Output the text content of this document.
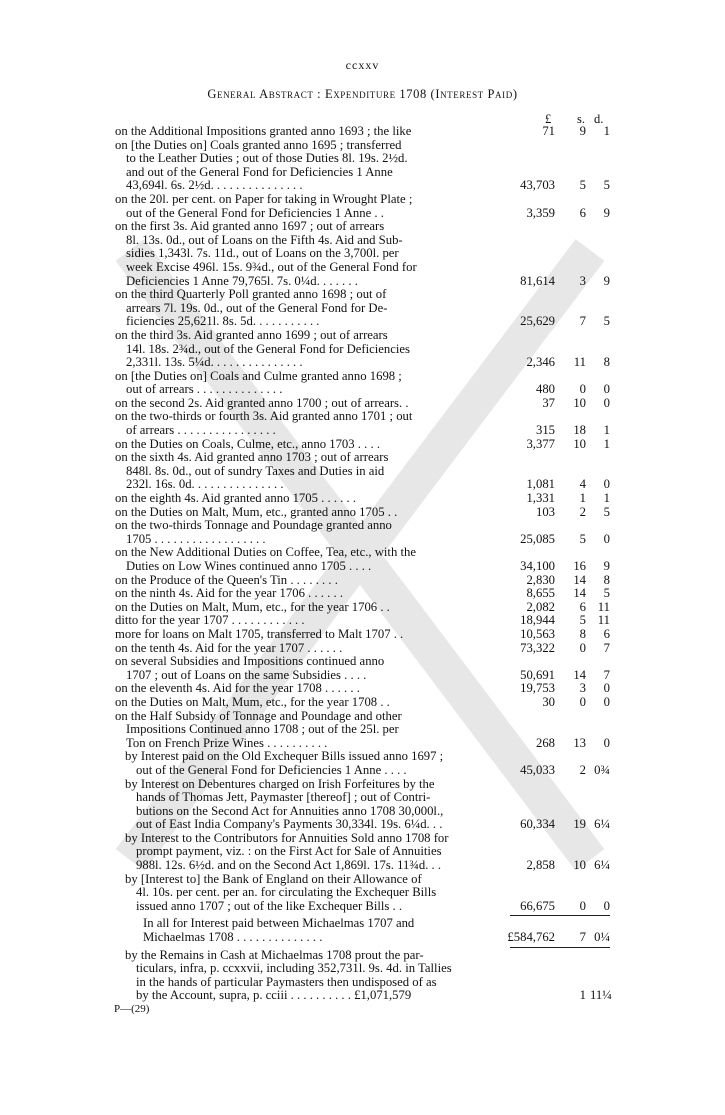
ccxxv
General Abstract : Expenditure 1708 (Interest Paid)
£ s. d.
on the Additional Impositions granted anno 1693 ; the like	71	9	1
on [the Duties on] Coals granted anno 1695 ; transferred
to the Leather Duties ; out of those Duties 8l. 19s. 2½d.
and out of the General Fond for Deficiencies 1 Anne
43,694l. 6s. 2½d. . . . . . . . . . . . . . .	43,703	5	5
on the 20l. per cent. on Paper for taking in Wrought Plate ;
out of the General Fond for Deficiencies 1 Anne . .	3,359	6	9
on the first 3s. Aid granted anno 1697 ; out of arrears
8l. 13s. 0d., out of Loans on the Fifth 4s. Aid and Sub-
sidies 1,343l. 7s. 11d., out of Loans on the 3,700l. per
week Excise 496l. 15s. 9¾d., out of the General Fond for
Deficiencies 1 Anne 79,765l. 7s. 0¼d. . . . . . .	81,614	3	9
on the third Quarterly Poll granted anno 1698 ; out of
arrears 7l. 19s. 0d., out of the General Fond for De-
ficiencies 25,621l. 8s. 5d. . . . . . . . . . .	25,629	7	5
on the third 3s. Aid granted anno 1699 ; out of arrears
14l. 18s. 2¾d., out of the General Fond for Deficiencies
2,331l. 13s. 5¼d. . . . . . . . . . . . . . .	2,346	11	8
on [the Duties on] Coals and Culme granted anno 1698 ;
out of arrears . . . . . . . . . . . . . .	480	0	0
on the second 2s. Aid granted anno 1700 ; out of arrears. .	37	10	0
on the two-thirds or fourth 3s. Aid granted anno 1701 ; out
of arrears . . . . . . . . . . . . . . . .	315	18	1
on the Duties on Coals, Culme, etc., anno 1703 . . . .	3,377	10	1
on the sixth 4s. Aid granted anno 1703 ; out of arrears
848l. 8s. 0d., out of sundry Taxes and Duties in aid
232l. 16s. 0d. . . . . . . . . . . . . . .	1,081	4	0
on the eighth 4s. Aid granted anno 1705 . . . . . .	1,331	1	1
on the Duties on Malt, Mum, etc., granted anno 1705 . .	103	2	5
on the two-thirds Tonnage and Poundage granted anno
1705 . . . . . . . . . . . . . . . . . .	25,085	5	0
on the New Additional Duties on Coffee, Tea, etc., with the
Duties on Low Wines continued anno 1705 . . . .	34,100	16	9
on the Produce of the Queen's Tin . . . . . . . .	2,830	14	8
on the ninth 4s. Aid for the year 1706 . . . . . .	8,655	14	5
on the Duties on Malt, Mum, etc., for the year 1706 . .	2,082	6 11
ditto for the year 1707 . . . . . . . . . . . .	18,944	5 11
more for loans on Malt 1705, transferred to Malt 1707 . .	10,563	8	6
on the tenth 4s. Aid for the year 1707 . . . . . .	73,322	0	7
on several Subsidies and Impositions continued anno
1707 ; out of Loans on the same Subsidies . . . .	50,691	14	7
on the eleventh 4s. Aid for the year 1708 . . . . . .	19,753	3	0
on the Duties on Malt, Mum, etc., for the year 1708 . .	30	0	0
on the Half Subsidy of Tonnage and Poundage and other
Impositions Continued anno 1708 ; out of the 25l. per
Ton on French Prize Wines . . . . . . . . . .	268	13	0
by Interest paid on the Old Exchequer Bills issued anno 1697 ;
out of the General Fond for Deficiencies 1 Anne . . . .	45,033	2 0¾
by Interest on Debentures charged on Irish Forfeitures by the
hands of Thomas Jett, Paymaster [thereof] ; out of Contri-
butions on the Second Act for Annuities anno 1708 30,000l.,
out of East India Company's Payments 30,334l. 19s. 6¼d. . .	60,334	19 6¼
by Interest to the Contributors for Annuities Sold anno 1708 for
prompt payment, viz. : on the First Act for Sale of Annuities
988l. 12s. 6½d. and on the Second Act 1,869l. 17s. 11¾d. . .	2,858	10 6¼
by [Interest to] the Bank of England on their Allowance of
4l. 10s. per cent. per an. for circulating the Exchequer Bills
issued anno 1707 ; out of the like Exchequer Bills . .	66,675	0	0
In all for Interest paid between Michaelmas 1707 and
Michaelmas 1708 . . . . . . . . . . . . . .	£584,762	7 0¼
by the Remains in Cash at Michaelmas 1708 prout the par-
ticulars, infra, p. ccxxvii, including 352,731l. 9s. 4d. in Tallies
in the hands of particular Paymasters then undisposed of as
by the Account, supra, p. cciii . . . . . . . . . . £1,071,579	1 11¼
P—(29)
